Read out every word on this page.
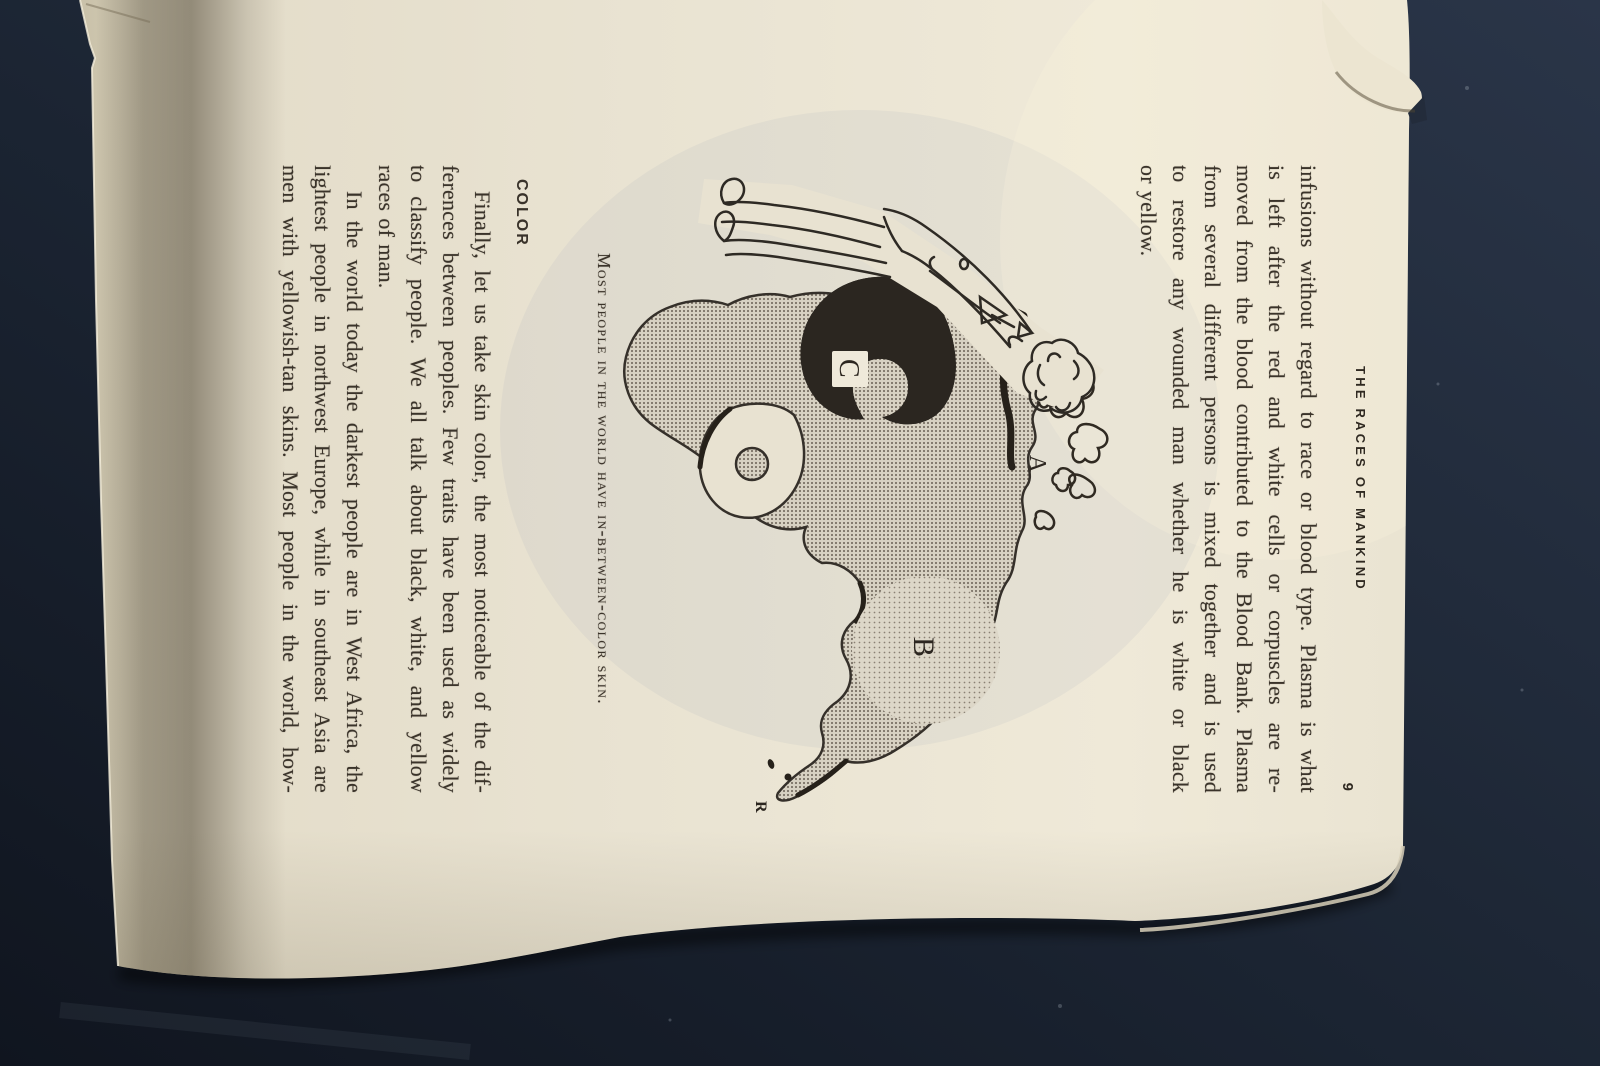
THE RACES OF MANKIND
9
infusions without regard to race or blood type. Plasma is what
is left after the red and white cells or corpuscles are re-
moved from the blood contributed to the Blood Bank. Plasma
from several different persons is mixed together and is used
to restore any wounded man whether he is white or black
or yellow.
A
B
C
R
Most people in the world have in-between-color skin.
COLOR
Finally, let us take skin color, the most noticeable of the dif-
ferences between peoples. Few traits have been used as widely
to classify people. We all talk about black, white, and yellow
races of man.
In the world today the darkest people are in West Africa, the
lightest people in northwest Europe, while in southeast Asia are
men with yellowish-tan skins. Most people in the world, how-
